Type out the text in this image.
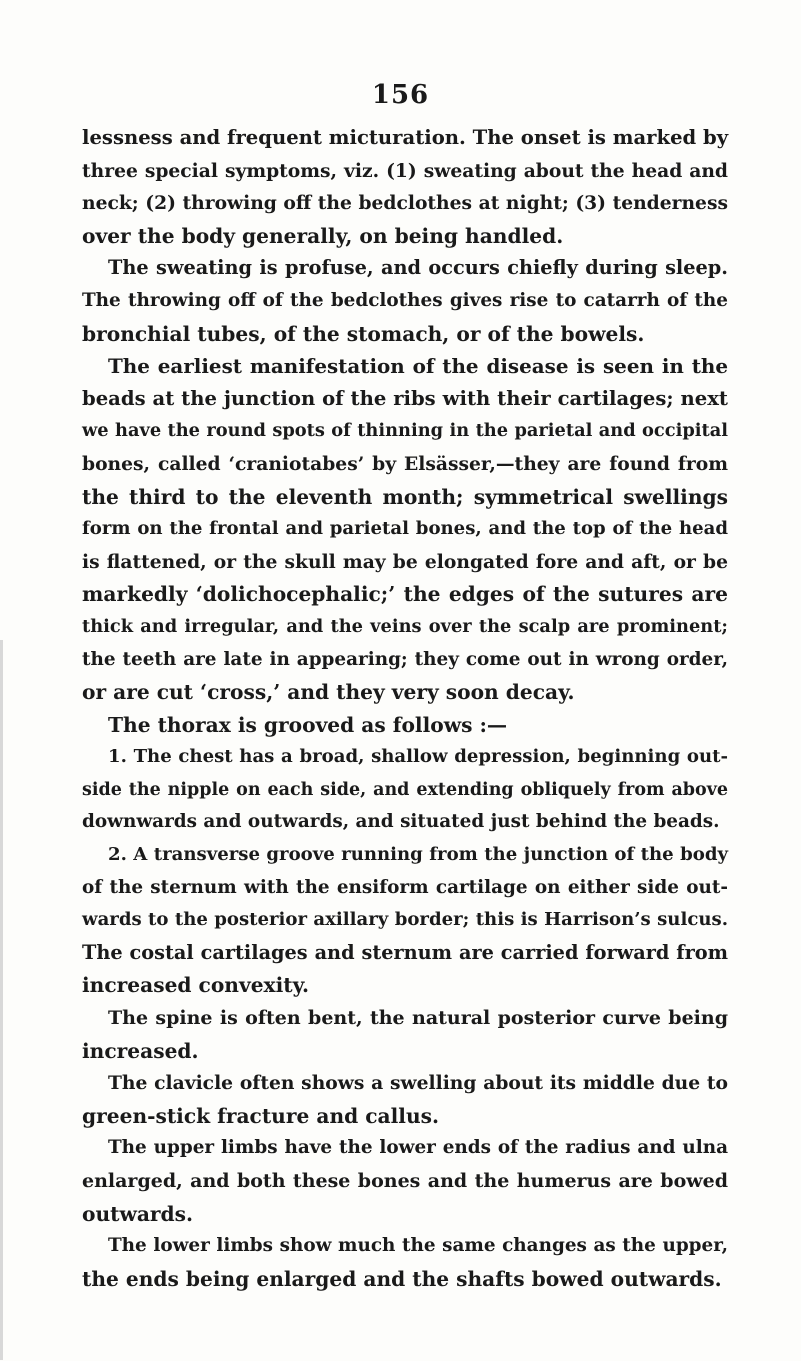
156
lessness and frequent micturation. The onset is marked by
three special symptoms, viz. (1) sweating about the head and
neck; (2) throwing off the bedclothes at night; (3) tenderness
over the body generally, on being handled.
The sweating is profuse, and occurs chiefly during sleep.
The throwing off of the bedclothes gives rise to catarrh of the
bronchial tubes, of the stomach, or of the bowels.
The earliest manifestation of the disease is seen in the
beads at the junction of the ribs with their cartilages; next
we have the round spots of thinning in the parietal and occipital
bones, called ‘craniotabes’ by Elsässer,—they are found from
the third to the eleventh month; symmetrical swellings
form on the frontal and parietal bones, and the top of the head
is flattened, or the skull may be elongated fore and aft, or be
markedly ‘dolichocephalic;’ the edges of the sutures are
thick and irregular, and the veins over the scalp are prominent;
the teeth are late in appearing; they come out in wrong order,
or are cut ‘cross,’ and they very soon decay.
The thorax is grooved as follows :—
1. The chest has a broad, shallow depression, beginning out-
side the nipple on each side, and extending obliquely from above
downwards and outwards, and situated just behind the beads.
2. A transverse groove running from the junction of the body
of the sternum with the ensiform cartilage on either side out-
wards to the posterior axillary border; this is Harrison’s sulcus.
The costal cartilages and sternum are carried forward from
increased convexity.
The spine is often bent, the natural posterior curve being
increased.
The clavicle often shows a swelling about its middle due to
green-stick fracture and callus.
The upper limbs have the lower ends of the radius and ulna
enlarged, and both these bones and the humerus are bowed
outwards.
The lower limbs show much the same changes as the upper,
the ends being enlarged and the shafts bowed outwards.
